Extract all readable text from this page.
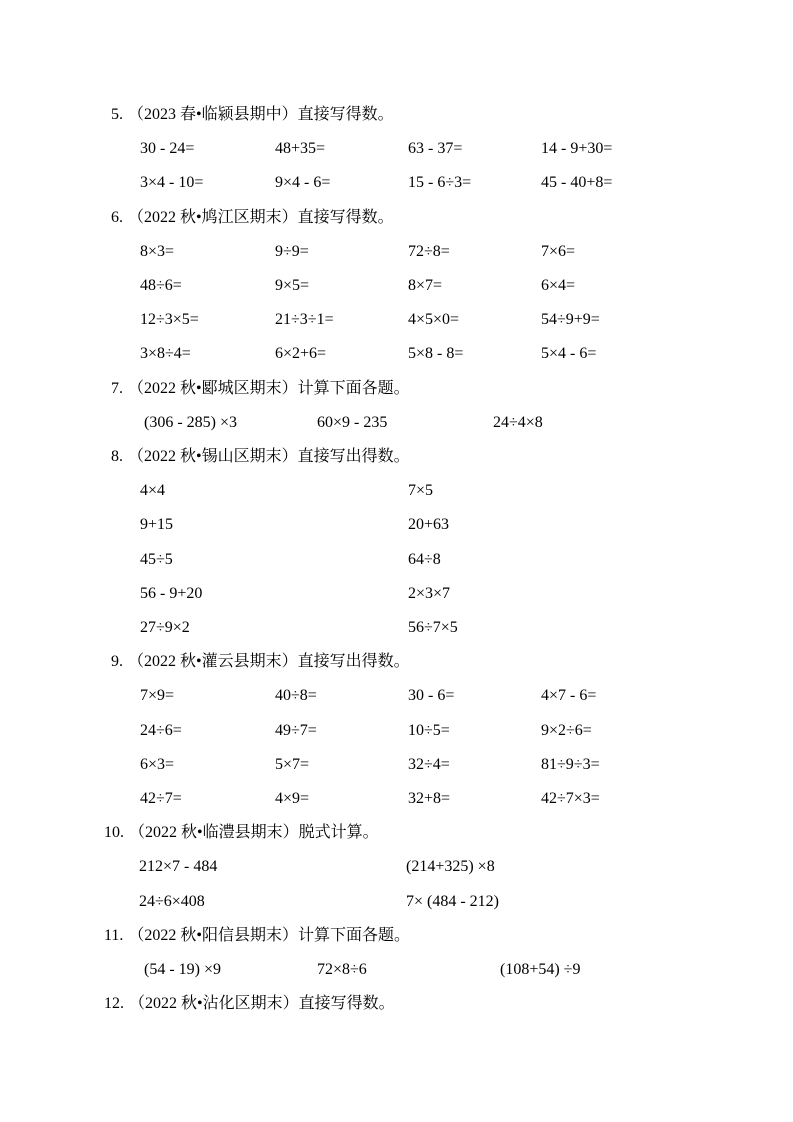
5. （2023 春•临颍县期中）直接写得数。
30 - 24=	48+35=	63 - 37=	14 - 9+30=
3×4 - 10=	9×4 - 6=	15 - 6÷3=	45 - 40+8=
6. （2022 秋•鸠江区期末）直接写得数。
8×3=	9÷9=	72÷8=	7×6=
48÷6=	9×5=	8×7=	6×4=
12÷3×5=	21÷3÷1=	4×5×0=	54÷9+9=
3×8÷4=	6×2+6=	5×8 - 8=	5×4 - 6=
7. （2022 秋•郾城区期末）计算下面各题。
(306 - 285) ×3	60×9 - 235	24÷4×8
8. （2022 秋•锡山区期末）直接写出得数。
4×4	7×5
9+15	20+63
45÷5	64÷8
56 - 9+20	2×3×7
27÷9×2	56÷7×5
9. （2022 秋•灌云县期末）直接写出得数。
7×9=	40÷8=	30 - 6=	4×7 - 6=
24÷6=	49÷7=	10÷5=	9×2÷6=
6×3=	5×7=	32÷4=	81÷9÷3=
42÷7=	4×9=	32+8=	42÷7×3=
10. （2022 秋•临澧县期末）脱式计算。
212×7 - 484	(214+325) ×8
24÷6×408	7× (484 - 212)
11. （2022 秋•阳信县期末）计算下面各题。
(54 - 19) ×9	72×8÷6	(108+54) ÷9
12. （2022 秋•沾化区期末）直接写得数。
